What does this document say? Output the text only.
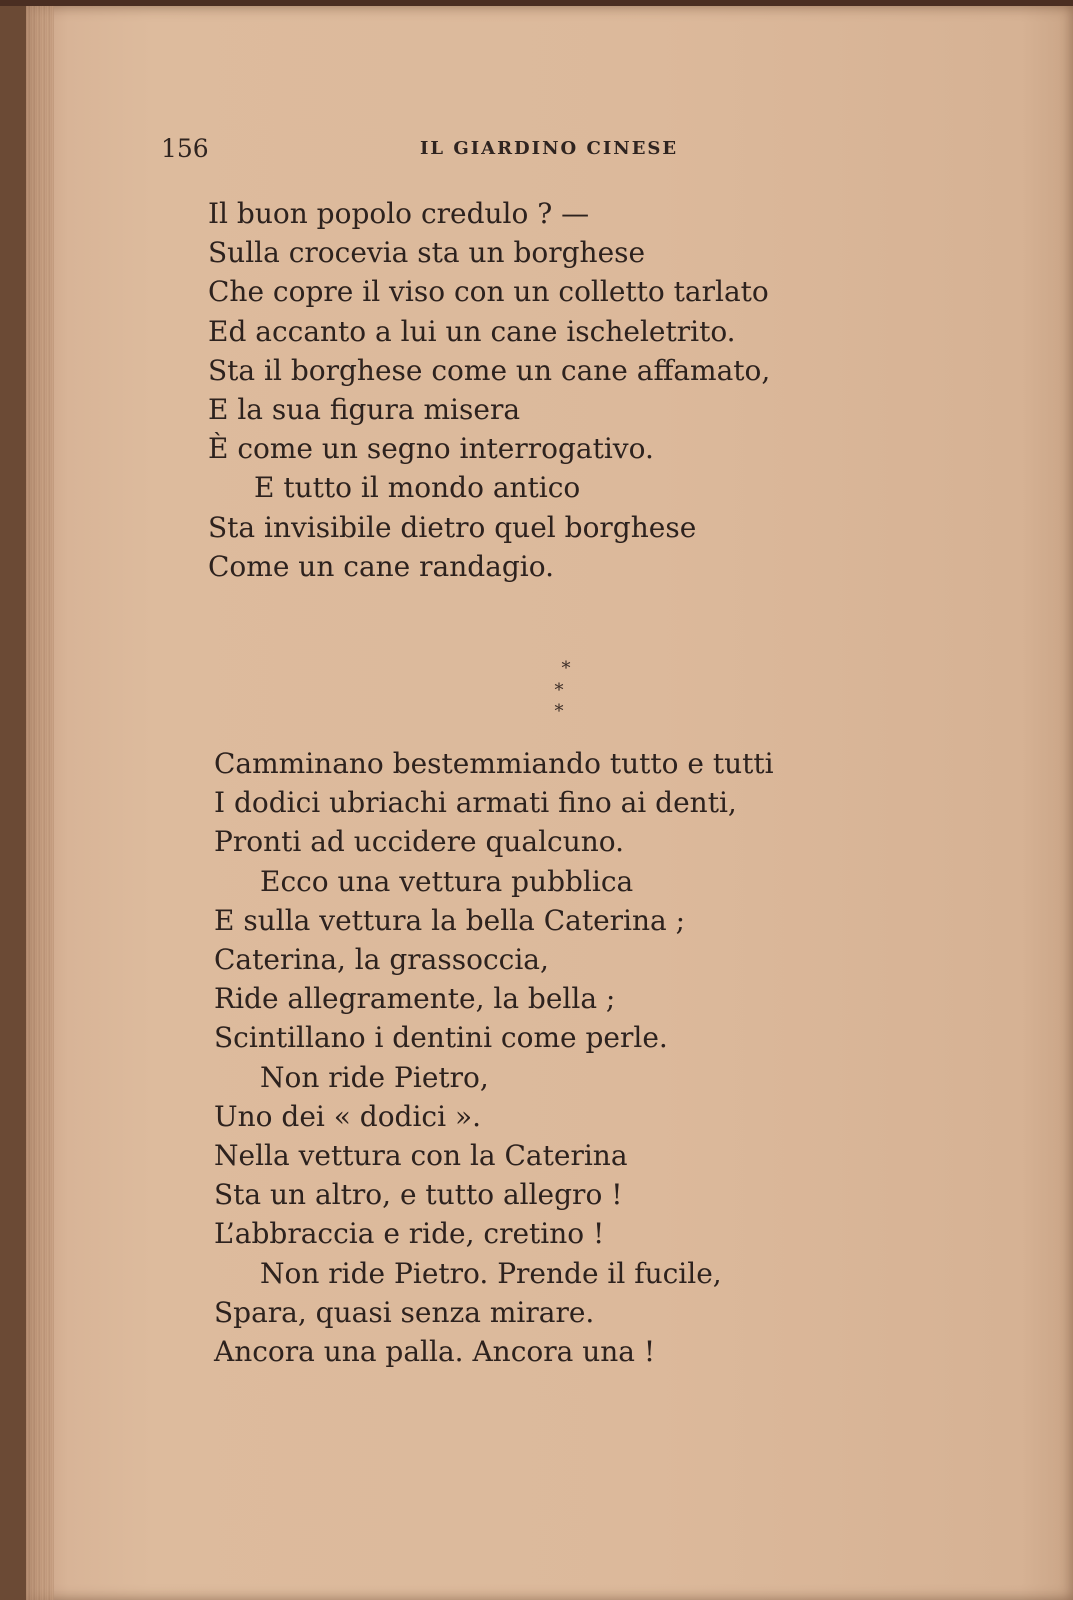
156	IL GIARDINO CINESE
Il buon popolo credulo ? —
Sulla crocevia sta un borghese
Che copre il viso con un colletto tarlato
Ed accanto a lui un cane ischeletrito.
Sta il borghese come un cane affamato,
E la sua figura misera
È come un segno interrogativo.
E tutto il mondo antico
Sta invisibile dietro quel borghese
Come un cane randagio.
*
* *
Camminano bestemmiando tutto e tutti
I dodici ubriachi armati fino ai denti,
Pronti ad uccidere qualcuno.
Ecco una vettura pubblica
E sulla vettura la bella Caterina ;
Caterina, la grassoccia,
Ride allegramente, la bella ;
Scintillano i dentini come perle.
Non ride Pietro,
Uno dei « dodici ».
Nella vettura con la Caterina
Sta un altro, e tutto allegro !
L’abbraccia e ride, cretino !
Non ride Pietro. Prende il fucile,
Spara, quasi senza mirare.
Ancora una palla. Ancora una !
